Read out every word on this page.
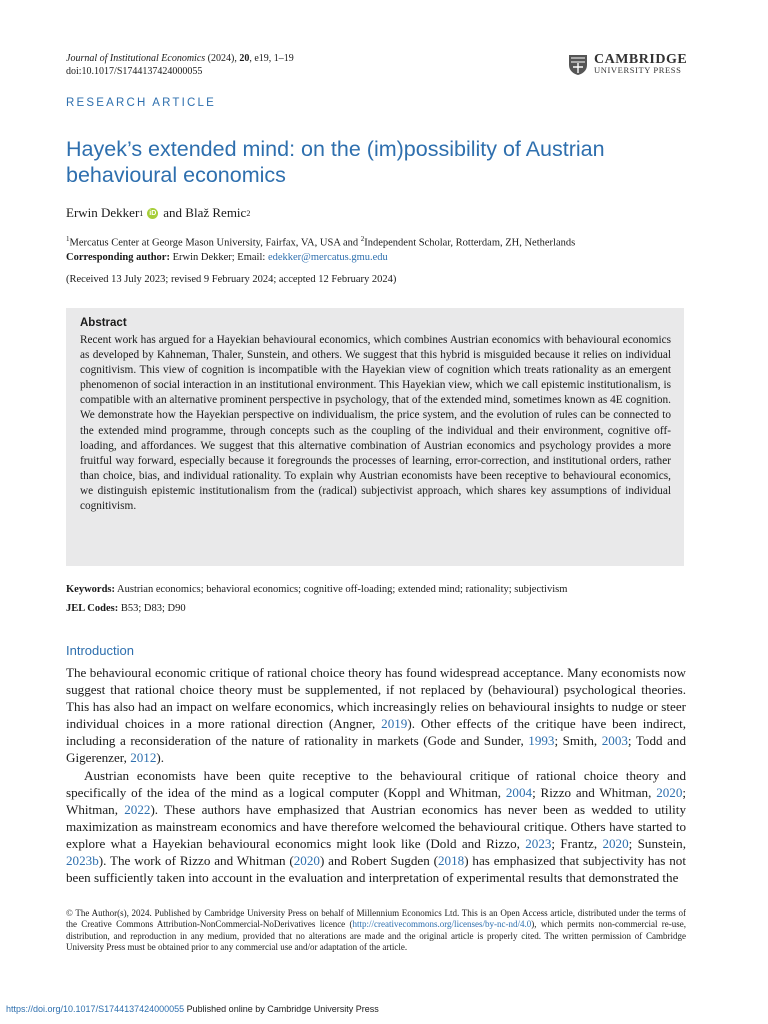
Journal of Institutional Economics (2024), 20, e19, 1–19
doi:10.1017/S1744137424000055
CAMBRIDGE
UNIVERSITY PRESS
RESEARCH ARTICLE
Hayek’s extended mind: on the (im)possibility of Austrian behavioural economics
Erwin Dekker 1 iD and Blaž Remic 2
$^1$Mercatus Center at George Mason University, Fairfax, VA, USA and $^2$Independent Scholar, Rotterdam, ZH, Netherlands
Corresponding author: Erwin Dekker; Email: edekker@mercatus.gmu.edu
(Received 13 July 2023; revised 9 February 2024; accepted 12 February 2024)
Abstract
Recent work has argued for a Hayekian behavioural economics, which combines Austrian economics with behavioural economics as developed by Kahneman, Thaler, Sunstein, and others. We suggest that this hybrid is misguided because it relies on individual cognitivism. This view of cognition is incompatible with the Hayekian view of cognition which treats rationality as an emergent phenomenon of social interaction in an institutional environment. This Hayekian view, which we call epistemic institutionalism, is compatible with an alternative prominent perspective in psychology, that of the extended mind, sometimes known as 4E cognition. We demonstrate how the Hayekian perspective on individualism, the price system, and the evolution of rules can be connected to the extended mind programme, through concepts such as the coupling of the individual and their environment, cognitive off-loading, and affordances. We suggest that this alternative combination of Austrian economics and psychology provides a more fruitful way forward, especially because it foregrounds the processes of learning, error-correction, and institutional orders, rather than choice, bias, and individual rationality. To explain why Austrian economists have been receptive to behavioural economics, we distinguish epistemic institutionalism from the (radical) subjectivist approach, which shares key assumptions of individual cognitivism.
Keywords: Austrian economics; behavioral economics; cognitive off-loading; extended mind; rationality; subjectivism
JEL Codes: B53; D83; D90
Introduction

The behavioural economic critique of rational choice theory has found widespread acceptance. Many economists now suggest that rational choice theory must be supplemented, if not replaced by (behavioural) psychological theories. This has also had an impact on welfare economics, which increasingly relies on behavioural insights to nudge or steer individual choices in a more rational direction (Angner, 2019). Other effects of the critique have been indirect, including a reconsideration of the nature of rationality in markets (Gode and Sunder, 1993; Smith, 2003; Todd and Gigerenzer, 2012).

Austrian economists have been quite receptive to the behavioural critique of rational choice theory and specifically of the idea of the mind as a logical computer (Koppl and Whitman, 2004; Rizzo and Whitman, 2020; Whitman, 2022). These authors have emphasized that Austrian economics has never been as wedded to utility maximization as mainstream economics and have therefore welcomed the behavioural critique. Others have started to explore what a Hayekian behavioural economics might look like (Dold and Rizzo, 2023; Frantz, 2020; Sunstein, 2023b). The work of Rizzo and Whitman (2020) and Robert Sugden (2018) has emphasized that subjectivity has not been sufficiently taken into account in the evaluation and interpretation of experimental results that demonstrated the

© The Author(s), 2024. Published by Cambridge University Press on behalf of Millennium Economics Ltd. This is an Open Access article, distributed under the terms of the Creative Commons Attribution-NonCommercial-NoDerivatives licence (http://creativecommons.org/licenses/by-nc-nd/4.0), which permits non-commercial re-use, distribution, and reproduction in any medium, provided that no alterations are made and the original article is properly cited. The written permission of Cambridge University Press must be obtained prior to any commercial use and/or adaptation of the article.
https://doi.org/10.1017/S1744137424000055 Published online by Cambridge University Press
